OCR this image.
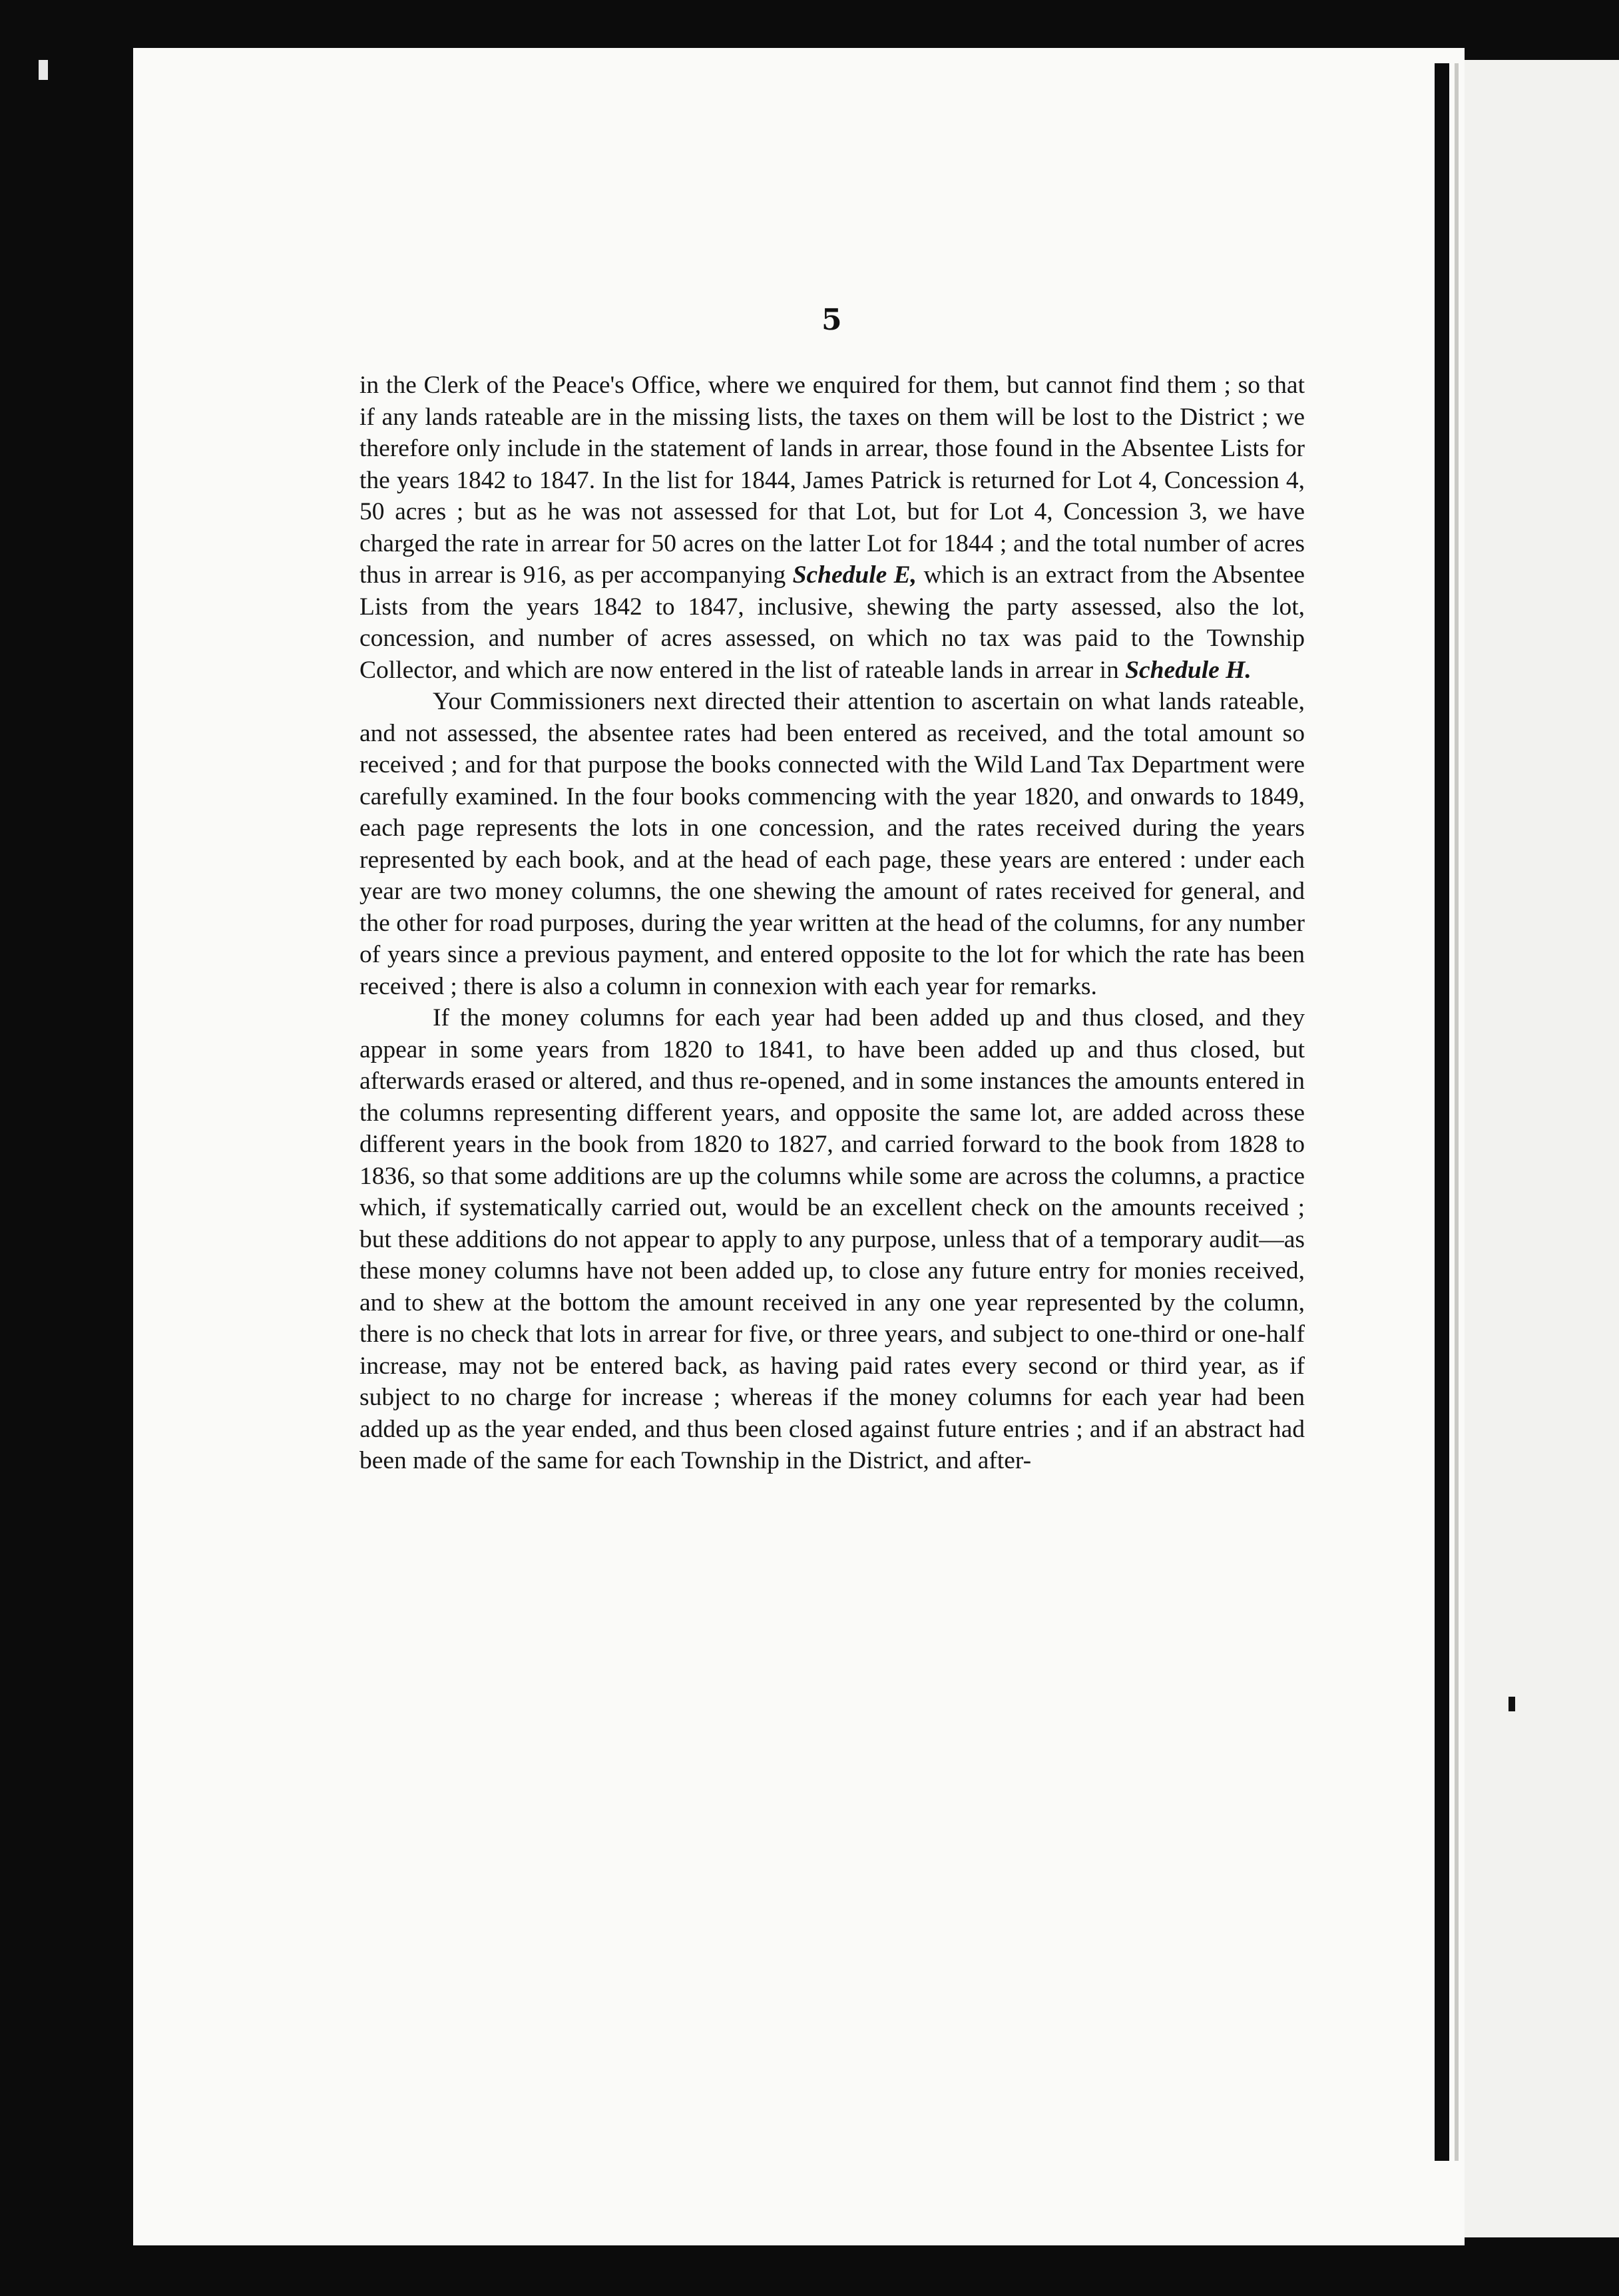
5

in the Clerk of the Peace's Office, where we enquired for them, but cannot find them ; so that if any lands rateable are in the missing lists, the taxes on them will be lost to the District ; we therefore only include in the statement of lands in arrear, those found in the Absentee Lists for the years 1842 to 1847. In the list for 1844, James Patrick is returned for Lot 4, Concession 4, 50 acres ; but as he was not assessed for that Lot, but for Lot 4, Concession 3, we have charged the rate in arrear for 50 acres on the latter Lot for 1844 ; and the total number of acres thus in arrear is 916, as per accompanying Schedule E, which is an extract from the Absentee Lists from the years 1842 to 1847, inclusive, shewing the party assessed, also the lot, concession, and number of acres assessed, on which no tax was paid to the Township Collector, and which are now entered in the list of rateable lands in arrear in Schedule H.

Your Commissioners next directed their attention to ascertain on what lands rateable, and not assessed, the absentee rates had been entered as received, and the total amount so received ; and for that purpose the books connected with the Wild Land Tax Department were carefully examined. In the four books commencing with the year 1820, and onwards to 1849, each page represents the lots in one concession, and the rates received during the years represented by each book, and at the head of each page, these years are entered : under each year are two money columns, the one shewing the amount of rates received for general, and the other for road purposes, during the year written at the head of the columns, for any number of years since a previous payment, and entered opposite to the lot for which the rate has been received ; there is also a column in connexion with each year for remarks.

If the money columns for each year had been added up and thus closed, and they appear in some years from 1820 to 1841, to have been added up and thus closed, but afterwards erased or altered, and thus re-opened, and in some instances the amounts entered in the columns representing different years, and opposite the same lot, are added across these different years in the book from 1820 to 1827, and carried forward to the book from 1828 to 1836, so that some additions are up the columns while some are across the columns, a practice which, if systematically carried out, would be an excellent check on the amounts received ; but these additions do not appear to apply to any purpose, unless that of a temporary audit—as these money columns have not been added up, to close any future entry for monies received, and to shew at the bottom the amount received in any one year represented by the column, there is no check that lots in arrear for five, or three years, and subject to one-third or one-half increase, may not be entered back, as having paid rates every second or third year, as if subject to no charge for increase ; whereas if the money columns for each year had been added up as the year ended, and thus been closed against future entries ; and if an abstract had been made of the same for each Township in the District, and after-
